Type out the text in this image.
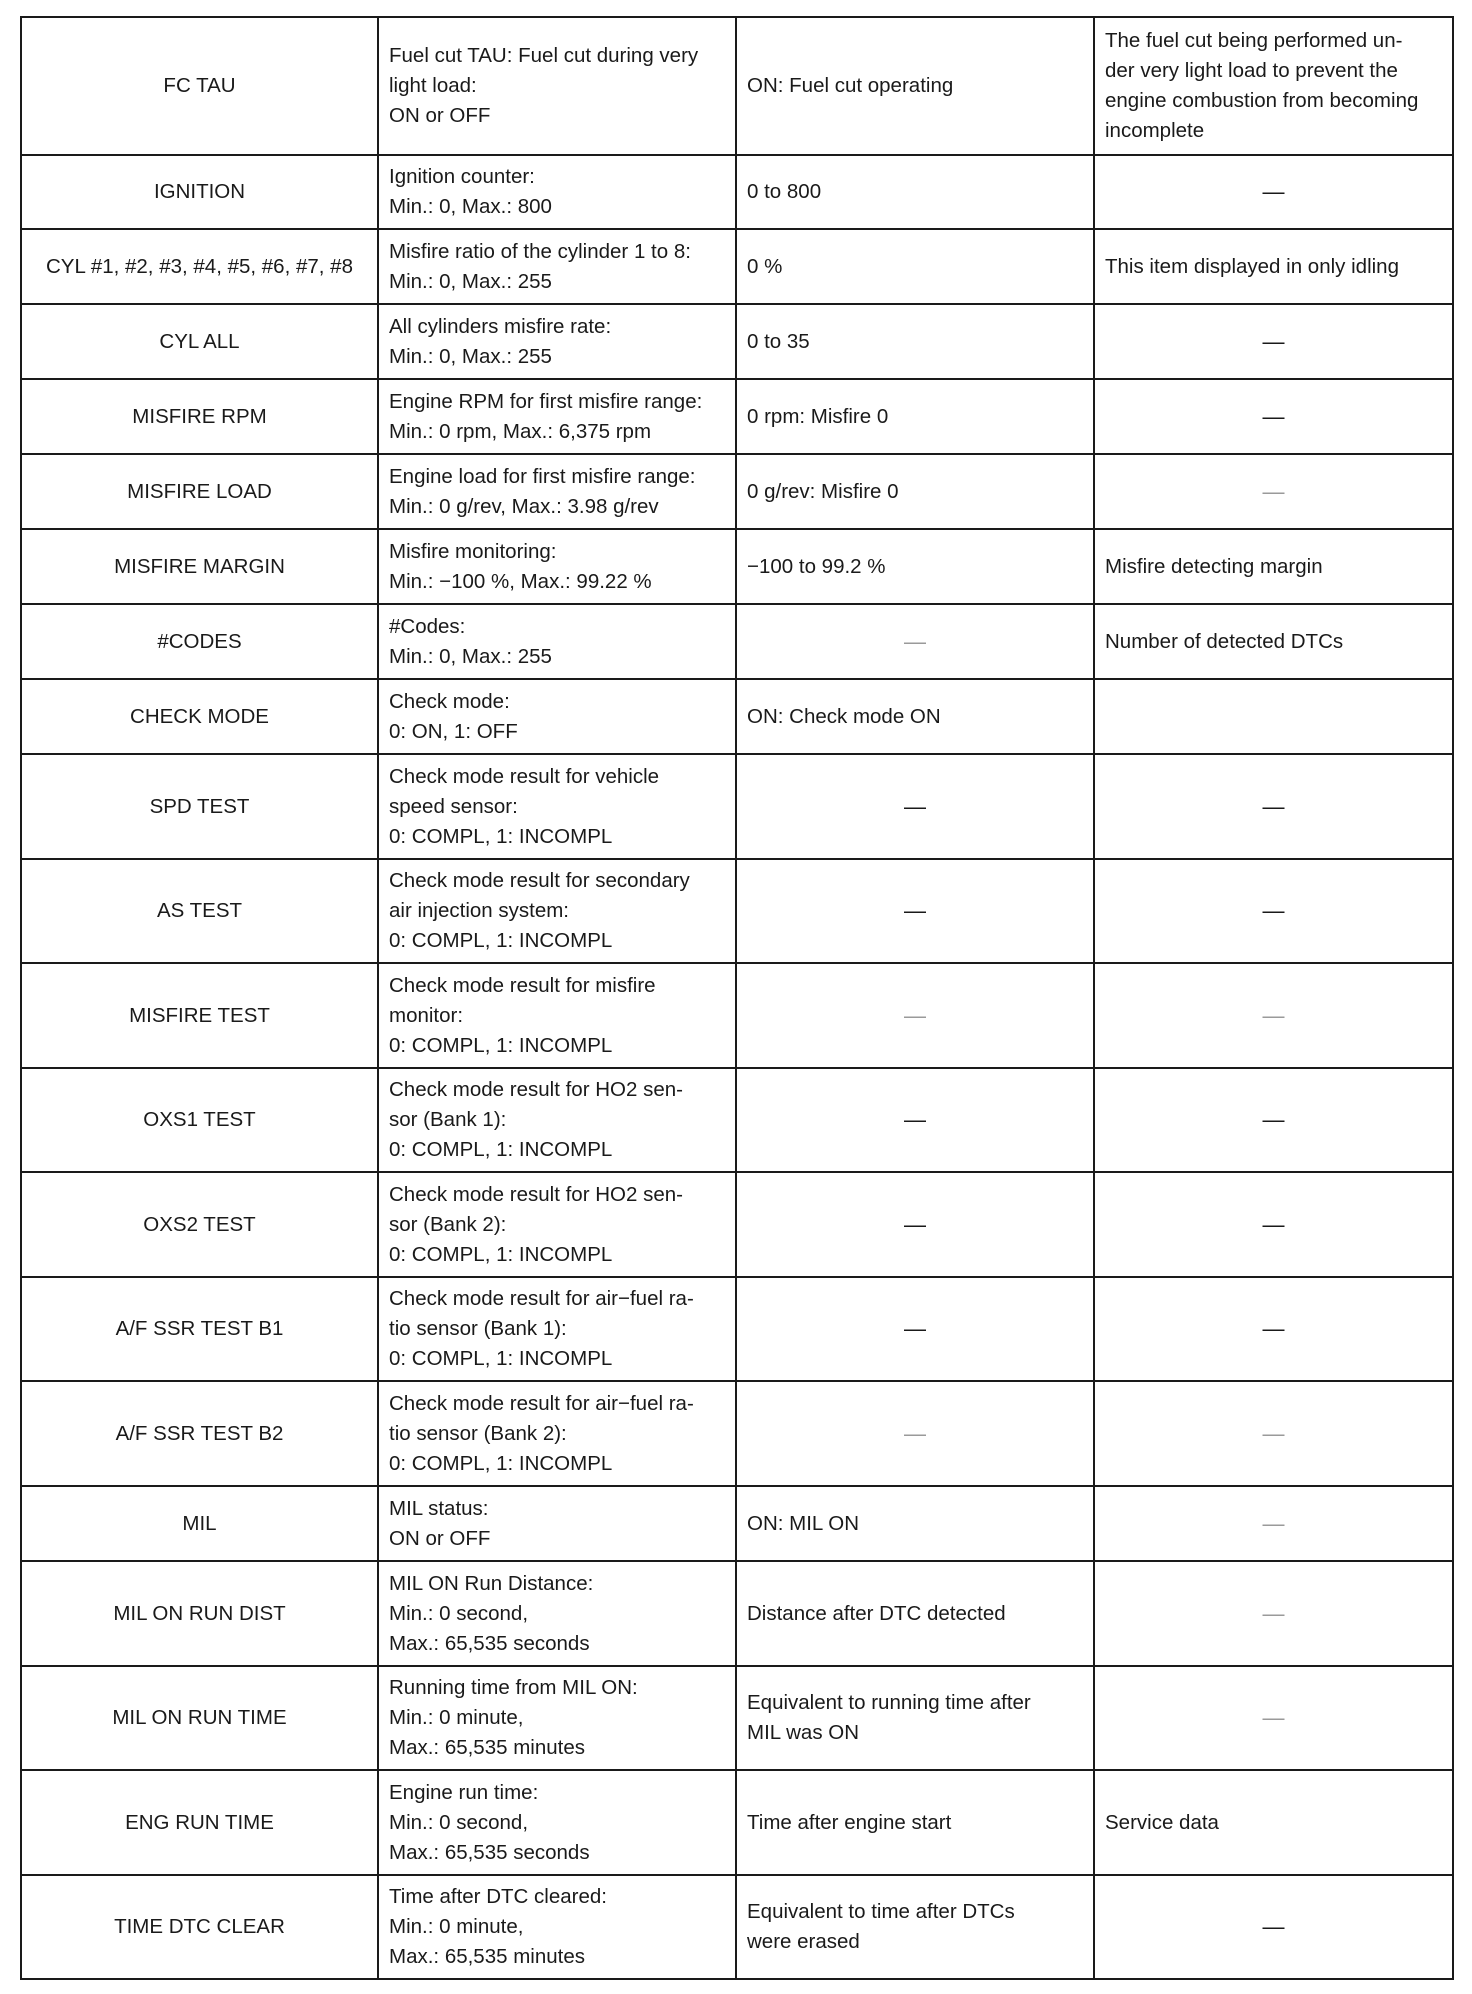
FC TAU	Fuel cut TAU: Fuel cut during very
light load:
ON or OFF	ON: Fuel cut operating	The fuel cut being performed un-
der very light load to prevent the
engine combustion from becoming
incomplete
IGNITION	Ignition counter:
Min.: 0, Max.: 800	0 to 800	—
CYL #1, #2, #3, #4, #5, #6, #7, #8	Misfire ratio of the cylinder 1 to 8:
Min.: 0, Max.: 255	0 %	This item displayed in only idling
CYL ALL	All cylinders misfire rate:
Min.: 0, Max.: 255	0 to 35	—
MISFIRE RPM	Engine RPM for first misfire range:
Min.: 0 rpm, Max.: 6,375 rpm	0 rpm: Misfire 0	—
MISFIRE LOAD	Engine load for first misfire range:
Min.: 0 g/rev, Max.: 3.98 g/rev	0 g/rev: Misfire 0	—
MISFIRE MARGIN	Misfire monitoring:
Min.: −100 %, Max.: 99.22 %	−100 to 99.2 %	Misfire detecting margin
#CODES	#Codes:
Min.: 0, Max.: 255	—	Number of detected DTCs
CHECK MODE	Check mode:
0: ON, 1: OFF	ON: Check mode ON	
SPD TEST	Check mode result for vehicle
speed sensor:
0: COMPL, 1: INCOMPL	—	—
AS TEST	Check mode result for secondary
air injection system:
0: COMPL, 1: INCOMPL	—	—
MISFIRE TEST	Check mode result for misfire
monitor:
0: COMPL, 1: INCOMPL	—	—
OXS1 TEST	Check mode result for HO2 sen-
sor (Bank 1):
0: COMPL, 1: INCOMPL	—	—
OXS2 TEST	Check mode result for HO2 sen-
sor (Bank 2):
0: COMPL, 1: INCOMPL	—	—
A/F SSR TEST B1	Check mode result for air−fuel ra-
tio sensor (Bank 1):
0: COMPL, 1: INCOMPL	—	—
A/F SSR TEST B2	Check mode result for air−fuel ra-
tio sensor (Bank 2):
0: COMPL, 1: INCOMPL	—	—
MIL	MIL status:
ON or OFF	ON: MIL ON	—
MIL ON RUN DIST	MIL ON Run Distance:
Min.: 0 second,
Max.: 65,535 seconds	Distance after DTC detected	—
MIL ON RUN TIME	Running time from MIL ON:
Min.: 0 minute,
Max.: 65,535 minutes	Equivalent to running time after
MIL was ON	—
ENG RUN TIME	Engine run time:
Min.: 0 second,
Max.: 65,535 seconds	Time after engine start	Service data
TIME DTC CLEAR	Time after DTC cleared:
Min.: 0 minute,
Max.: 65,535 minutes	Equivalent to time after DTCs
were erased	—
